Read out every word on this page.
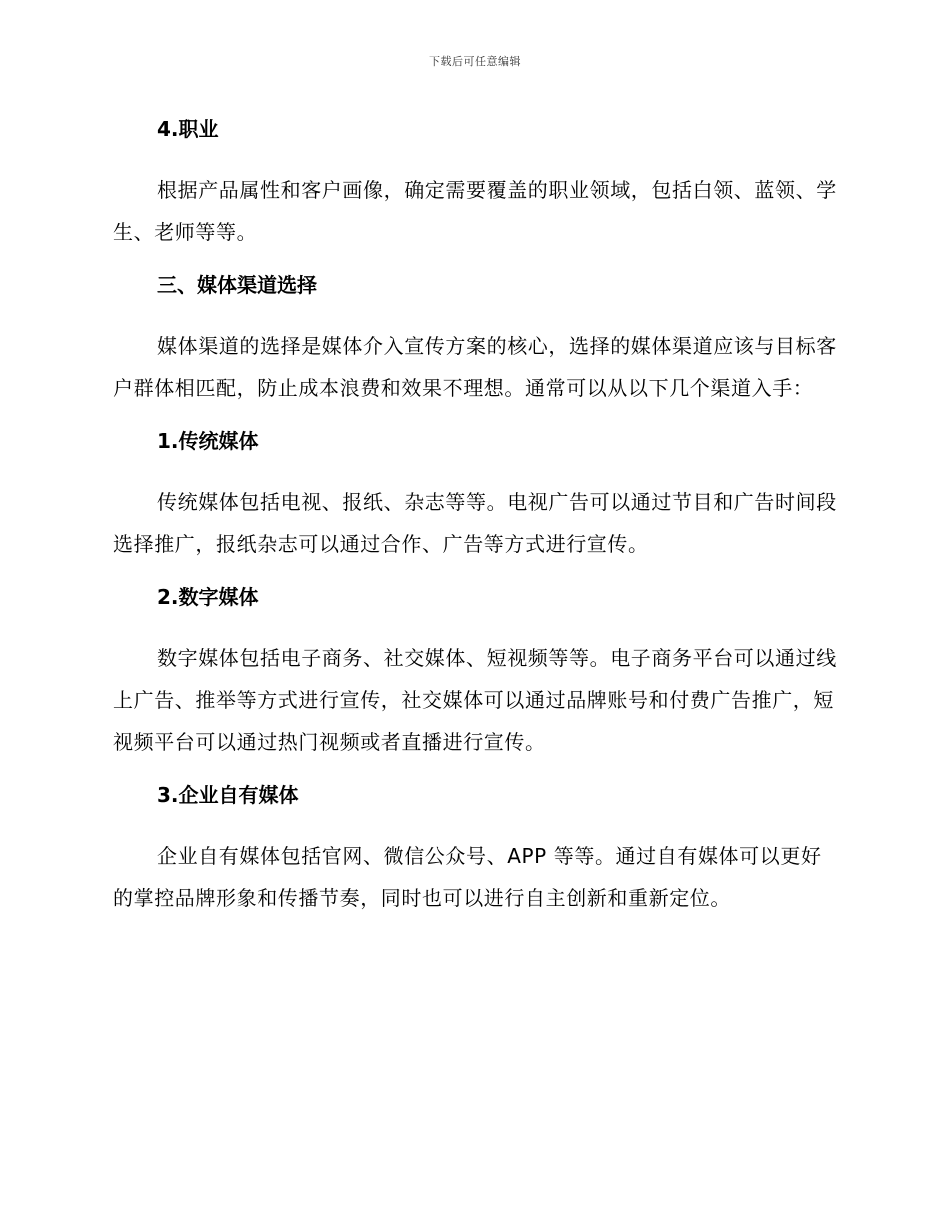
下载后可任意编辑
4.职业

根据产品属性和客户画像，确定需要覆盖的职业领域，包括白领、蓝领、学生、老师等等。

三、媒体渠道选择

媒体渠道的选择是媒体介入宣传方案的核心，选择的媒体渠道应该与目标客户群体相匹配，防止成本浪费和效果不理想。通常可以从以下几个渠道入手：

1.传统媒体

传统媒体包括电视、报纸、杂志等等。电视广告可以通过节目和广告时间段选择推广，报纸杂志可以通过合作、广告等方式进行宣传。

2.数字媒体

数字媒体包括电子商务、社交媒体、短视频等等。电子商务平台可以通过线上广告、推举等方式进行宣传，社交媒体可以通过品牌账号和付费广告推广，短视频平台可以通过热门视频或者直播进行宣传。

3.企业自有媒体

企业自有媒体包括官网、微信公众号、APP 等等。通过自有媒体可以更好的掌控品牌形象和传播节奏，同时也可以进行自主创新和重新定位。
